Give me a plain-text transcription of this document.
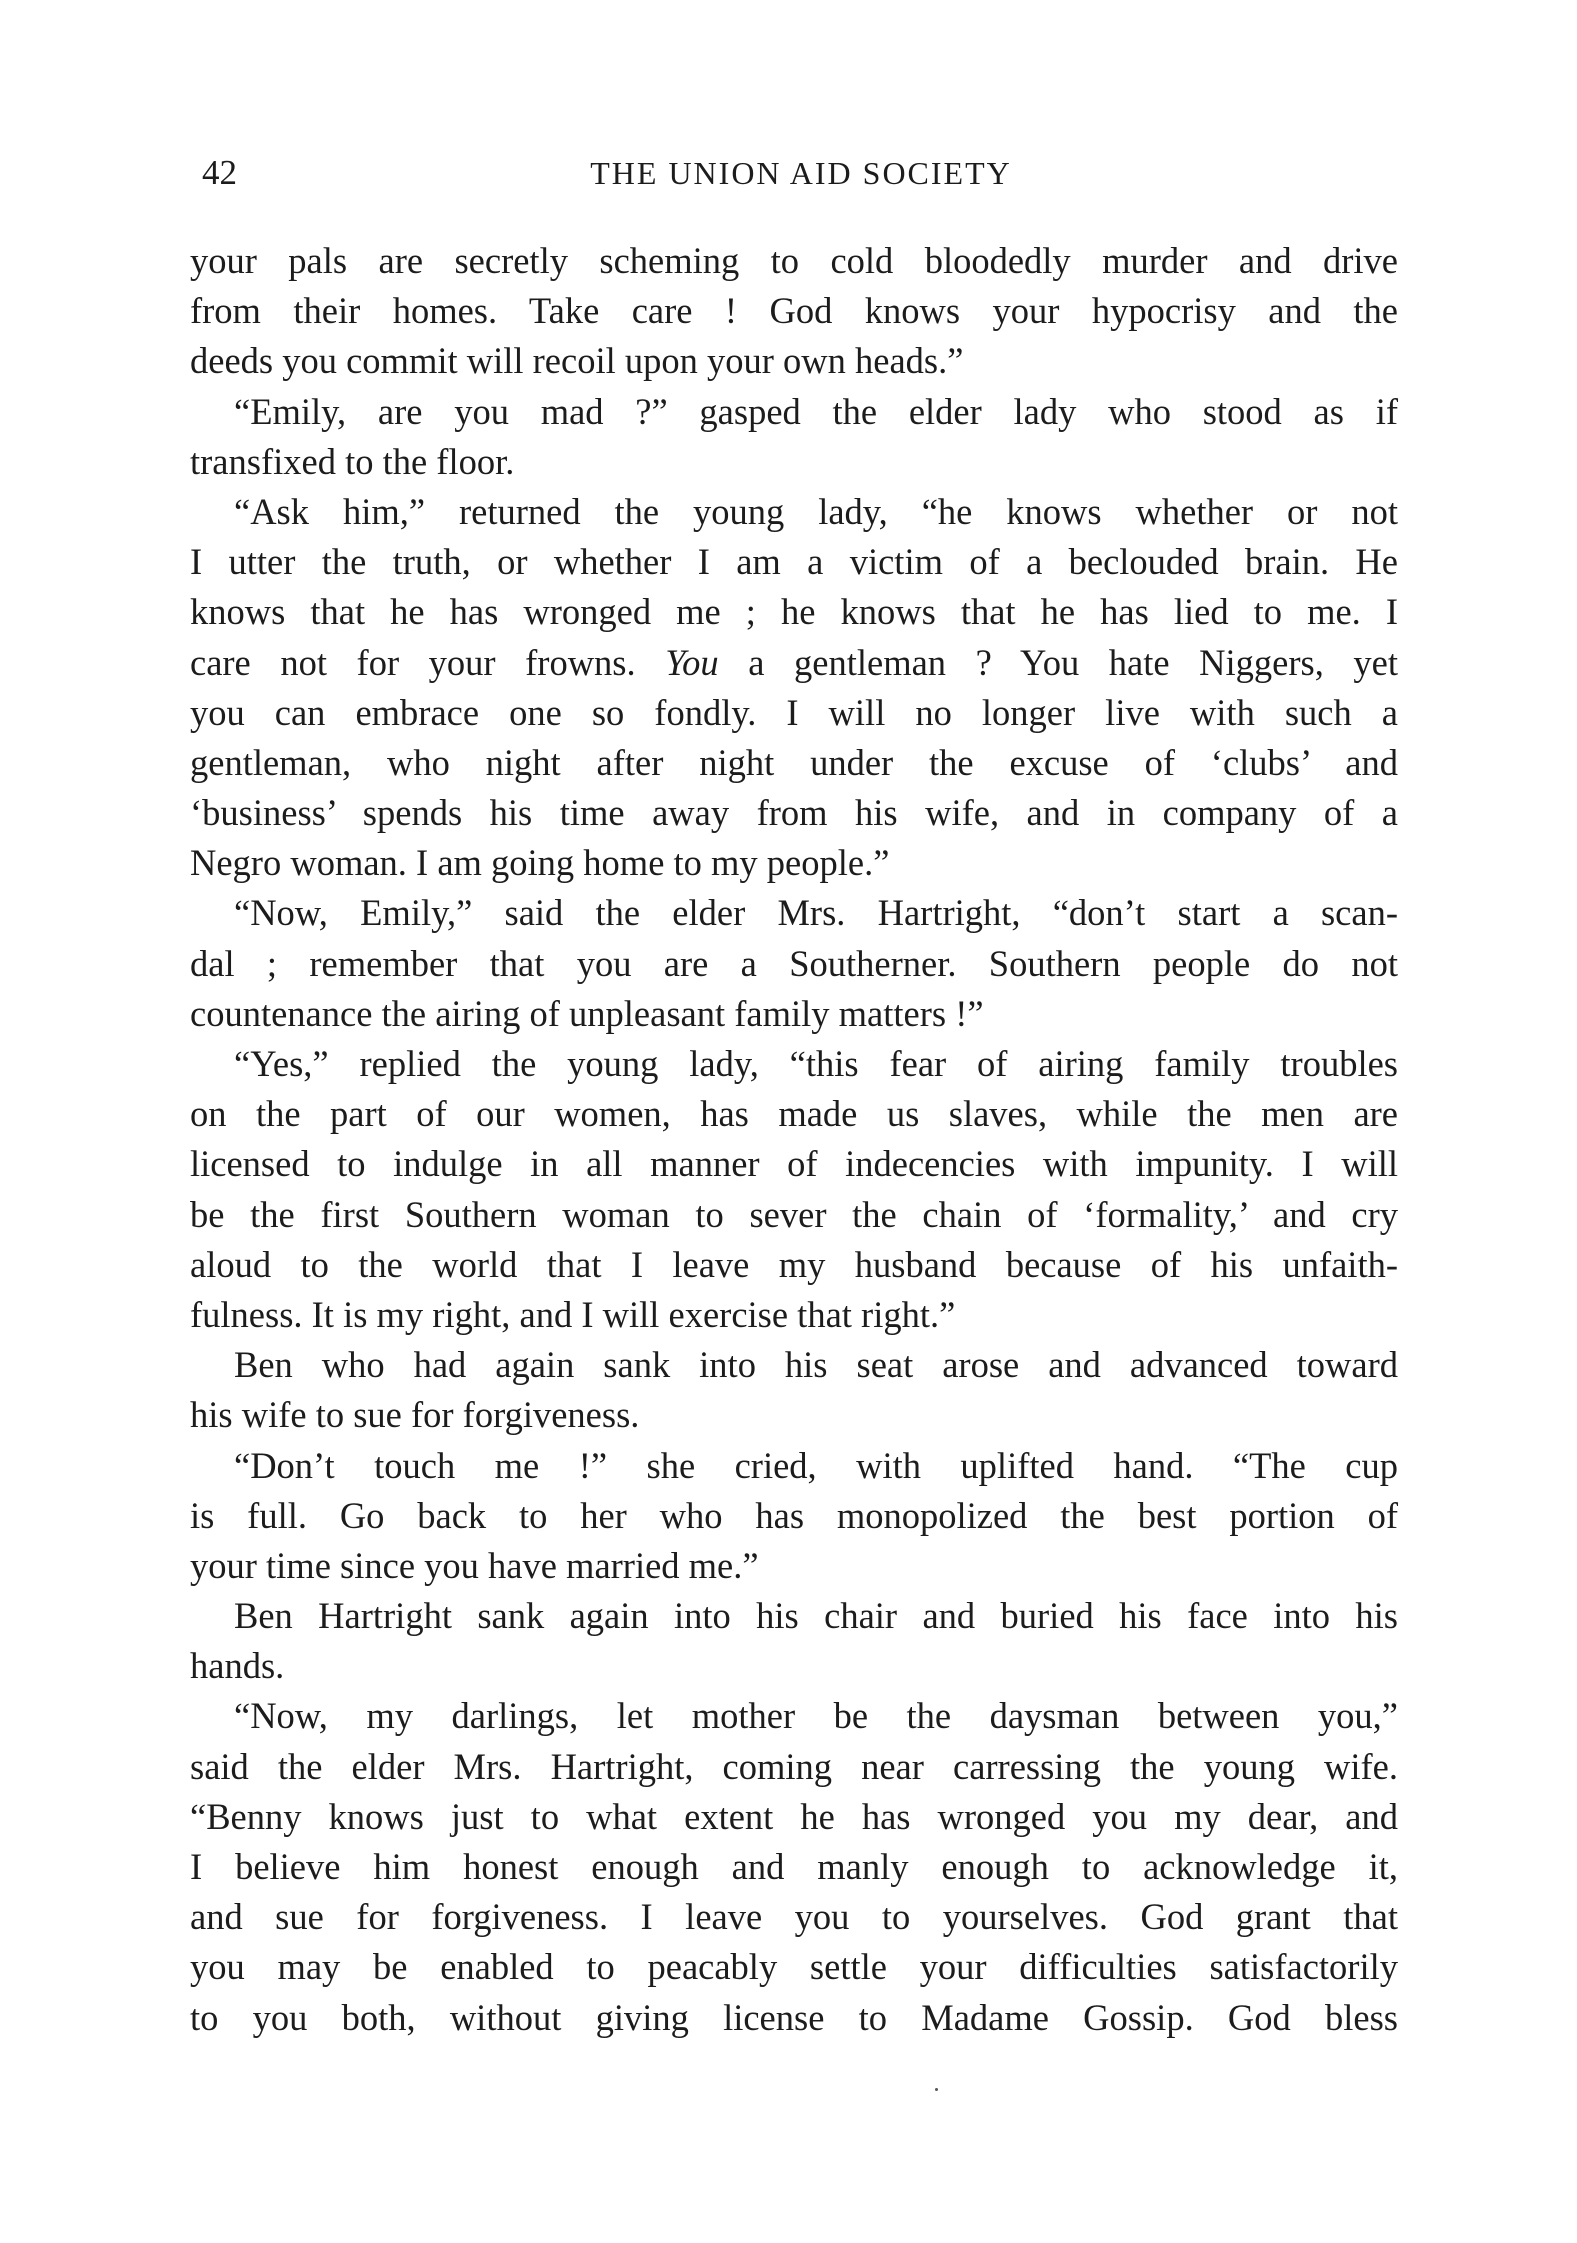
42	THE UNION AID SOCIETY
your pals are secretly scheming to cold bloodedly murder and drive
from their homes. Take care ! God knows your hypocrisy and the
deeds you commit will recoil upon your own heads.”
“Emily, are you mad ?” gasped the elder lady who stood as if
transfixed to the floor.
“Ask him,” returned the young lady, “he knows whether or not
I utter the truth, or whether I am a victim of a beclouded brain. He
knows that he has wronged me ; he knows that he has lied to me. I
care not for your frowns. You a gentleman ? You hate Niggers, yet
you can embrace one so fondly. I will no longer live with such a
gentleman, who night after night under the excuse of ‘clubs’ and
‘business’ spends his time away from his wife, and in company of a
Negro woman. I am going home to my people.”
“Now, Emily,” said the elder Mrs. Hartright, “don’t start a scan-
dal ; remember that you are a Southerner. Southern people do not
countenance the airing of unpleasant family matters !”
“Yes,” replied the young lady, “this fear of airing family troubles
on the part of our women, has made us slaves, while the men are
licensed to indulge in all manner of indecencies with impunity. I will
be the first Southern woman to sever the chain of ‘formality,’ and cry
aloud to the world that I leave my husband because of his unfaith-
fulness. It is my right, and I will exercise that right.”
Ben who had again sank into his seat arose and advanced toward
his wife to sue for forgiveness.
“Don’t touch me !” she cried, with uplifted hand. “The cup
is full. Go back to her who has monopolized the best portion of
your time since you have married me.”
Ben Hartright sank again into his chair and buried his face into his
hands.
“Now, my darlings, let mother be the daysman between you,”
said the elder Mrs. Hartright, coming near carressing the young wife.
“Benny knows just to what extent he has wronged you my dear, and
I believe him honest enough and manly enough to acknowledge it,
and sue for forgiveness. I leave you to yourselves. God grant that
you may be enabled to peacably settle your difficulties satisfactorily
to you both, without giving license to Madame Gossip. God bless
